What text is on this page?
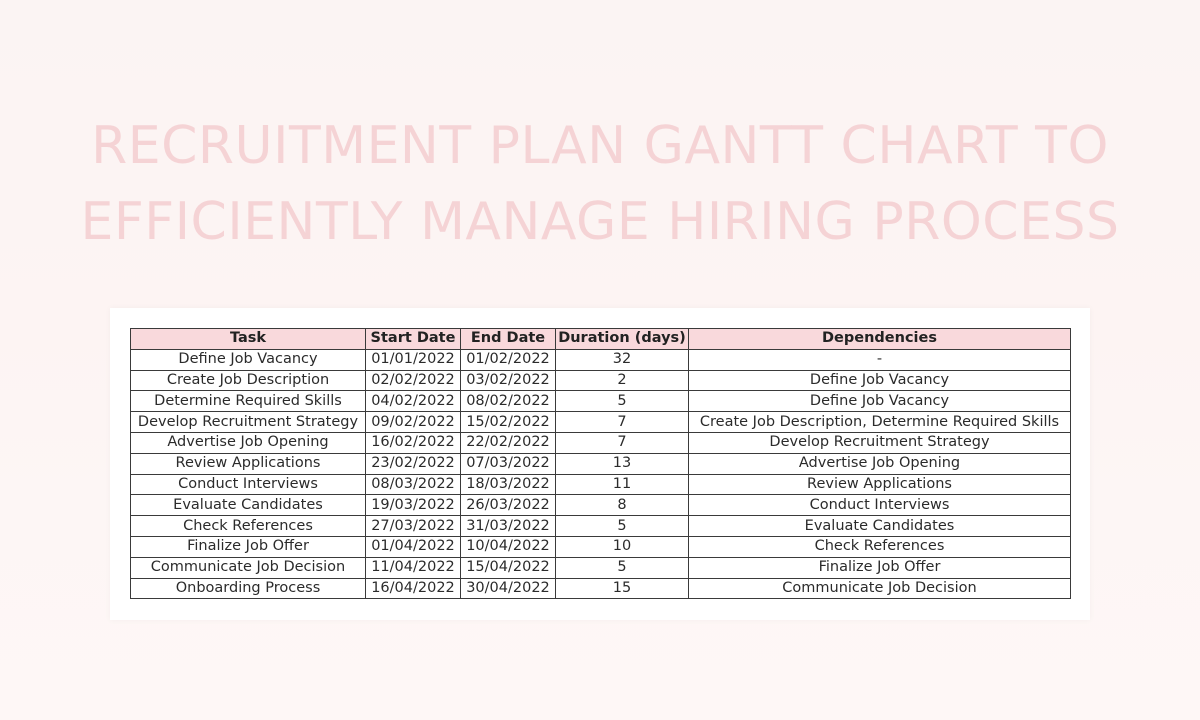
RECRUITMENT PLAN GANTT CHART TO
EFFICIENTLY MANAGE HIRING PROCESS
Task	Start Date	End Date	Duration (days)	Dependencies
Define Job Vacancy	01/01/2022	01/02/2022	32	-
Create Job Description	02/02/2022	03/02/2022	2	Define Job Vacancy
Determine Required Skills	04/02/2022	08/02/2022	5	Define Job Vacancy
Develop Recruitment Strategy	09/02/2022	15/02/2022	7	Create Job Description, Determine Required Skills
Advertise Job Opening	16/02/2022	22/02/2022	7	Develop Recruitment Strategy
Review Applications	23/02/2022	07/03/2022	13	Advertise Job Opening
Conduct Interviews	08/03/2022	18/03/2022	11	Review Applications
Evaluate Candidates	19/03/2022	26/03/2022	8	Conduct Interviews
Check References	27/03/2022	31/03/2022	5	Evaluate Candidates
Finalize Job Offer	01/04/2022	10/04/2022	10	Check References
Communicate Job Decision	11/04/2022	15/04/2022	5	Finalize Job Offer
Onboarding Process	16/04/2022	30/04/2022	15	Communicate Job Decision
